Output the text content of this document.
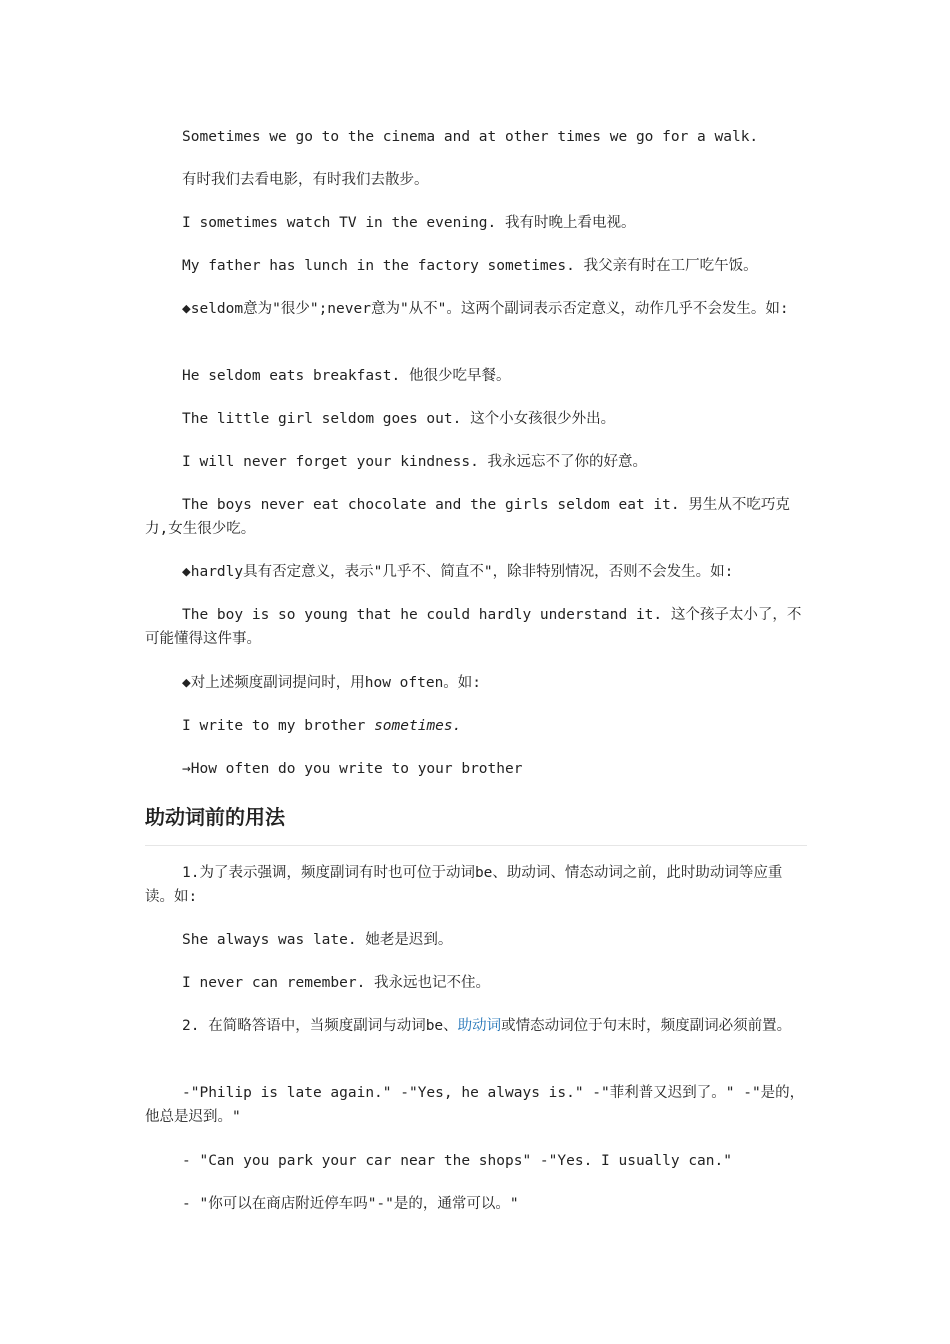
Sometimes we go to the cinema and at other times we go for a walk.

有时我们去看电影，有时我们去散步。

I sometimes watch TV in the evening. 我有时晚上看电视。

My father has lunch in the factory sometimes. 我父亲有时在工厂吃午饭。

◆seldom意为"很少";never意为"从不"。这两个副词表示否定意义，动作几乎不会发生。如:

He seldom eats breakfast. 他很少吃早餐。

The little girl seldom goes out. 这个小女孩很少外出。

I will never forget your kindness. 我永远忘不了你的好意。

The boys never eat chocolate and the girls seldom eat it. 男生从不吃巧克力,女生很少吃。

◆hardly具有否定意义，表示"几乎不、简直不"，除非特别情况，否则不会发生。如:

The boy is so young that he could hardly understand it. 这个孩子太小了，不可能懂得这件事。

◆对上述频度副词提问时，用how often。如:

I write to my brother sometimes.

→How often do you write to your brother

助动词前的用法

1.为了表示强调，频度副词有时也可位于动词be、助动词、情态动词之前，此时助动词等应重读。如:

She always was late. 她老是迟到。

I never can remember. 我永远也记不住。

2. 在简略答语中，当频度副词与动词be、助动词或情态动词位于句末时，频度副词必须前置。

-"Philip is late again." -"Yes, he always is." -"菲利普又迟到了。" -"是的，他总是迟到。"

- "Can you park your car near the shops" -"Yes. I usually can."

- "你可以在商店附近停车吗"-"是的，通常可以。"
